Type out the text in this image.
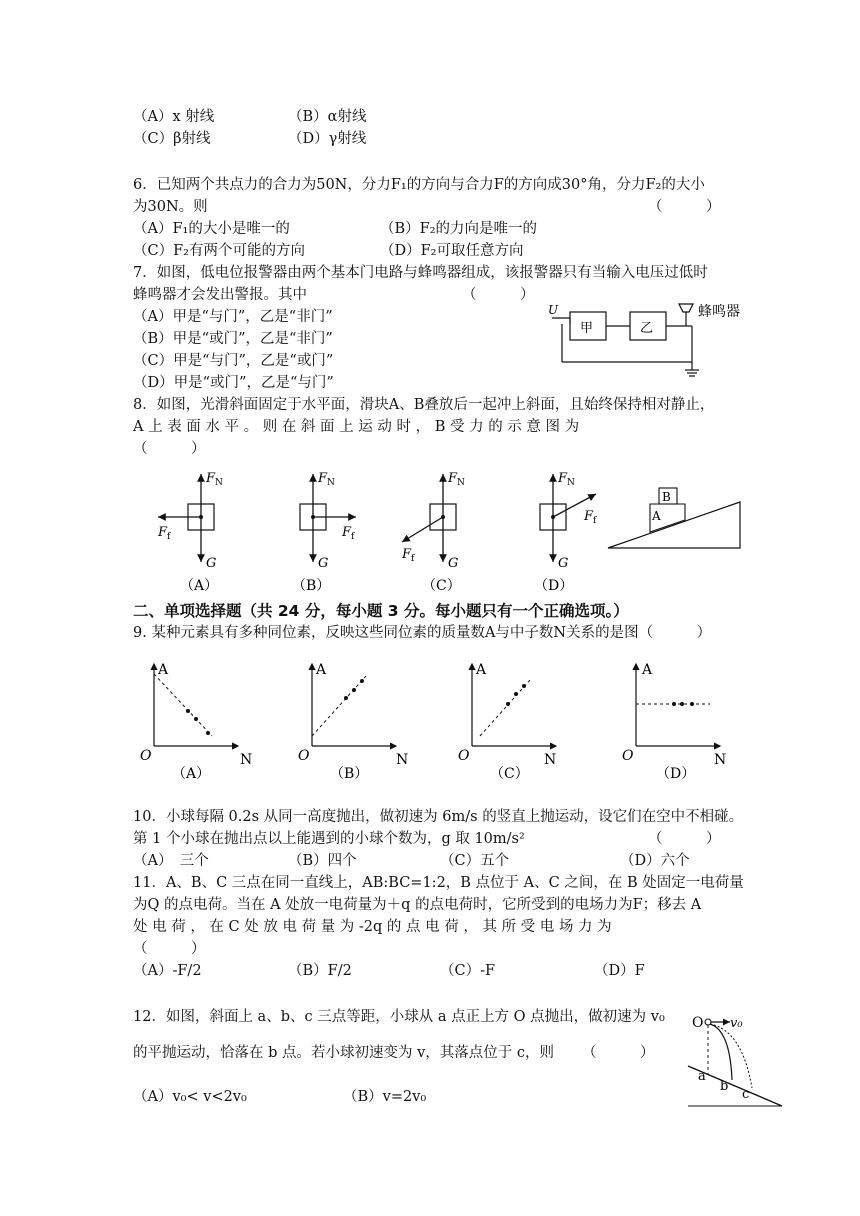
（A）x 射线	（B）α射线
（C）β射线	（D）γ射线
6．已知两个共点力的合力为50N，分力F₁的方向与合力F的方向成30°角，分力F₂的大小
为30N。则	（　　　）
（A）F₁的大小是唯一的	（B）F₂的力向是唯一的
（C）F₂有两个可能的方向	（D）F₂可取任意方向
7．如图，低电位报警器由两个基本门电路与蜂鸣器组成，该报警器只有当输入电压过低时
蜂鸣器才会发出警报。其中	（　　　）
（A）甲是“与门”，乙是“非门”
（B）甲是“或门”，乙是“非门”
（C）甲是“与门”，乙是“或门”
（D）甲是“或门”，乙是“与门”
U
甲	乙
蜂鸣器
8．如图，光滑斜面固定于水平面，滑块A、B叠放后一起冲上斜面，且始终保持相对静止，
A 上 表 面 水 平 。 则 在 斜 面 上 运 动 时 ， B 受 力 的 示 意 图 为
（　　　）
F N
F f
G
F N
F f
G
F N
F f	G
F N
F f
G
A
B
（A）	（B）	（C）	（D）
二、单项选择题（共 24 分，每小题 3 分。每小题只有一个正确选项。）
9. 某种元素具有多种同位素，反映这些同位素的质量数A与中子数N关系的是图（　　　）
A
O	N
A
O	N
A
O	N
A
O	N
（A）	（B）	（C）	（D）
10．小球每隔 0.2s 从同一高度抛出，做初速为 6m/s 的竖直上抛运动，设它们在空中不相碰。
第 1 个小球在抛出点以上能遇到的小球个数为，g 取 10m/s²	（　　　）
（A）　三个	（B）四个	（C）五个	（D）六个
11．A、B、C 三点在同一直线上，AB:BC=1:2，B 点位于 A、C 之间，在 B 处固定一电荷量
为Q 的点电荷。当在 A 处放一电荷量为＋q 的点电荷时，它所受到的电场力为F；移去 A
处 电 荷 ， 在 C 处 放 电 荷 量 为 -2q 的 点 电 荷 ， 其 所 受 电 场 力 为
（　　　）
（A）-F/2	（B）F/2	（C）-F	（D）F
12．如图，斜面上 a、b、c 三点等距，小球从 a 点正上方 O 点抛出，做初速为 v₀
的平抛运动，恰落在 b 点。若小球初速变为 v，其落点位于 c，则 （　　　）
（A）v₀< v<2v₀	（B）v=2v₀
O v₀
a
b
c
